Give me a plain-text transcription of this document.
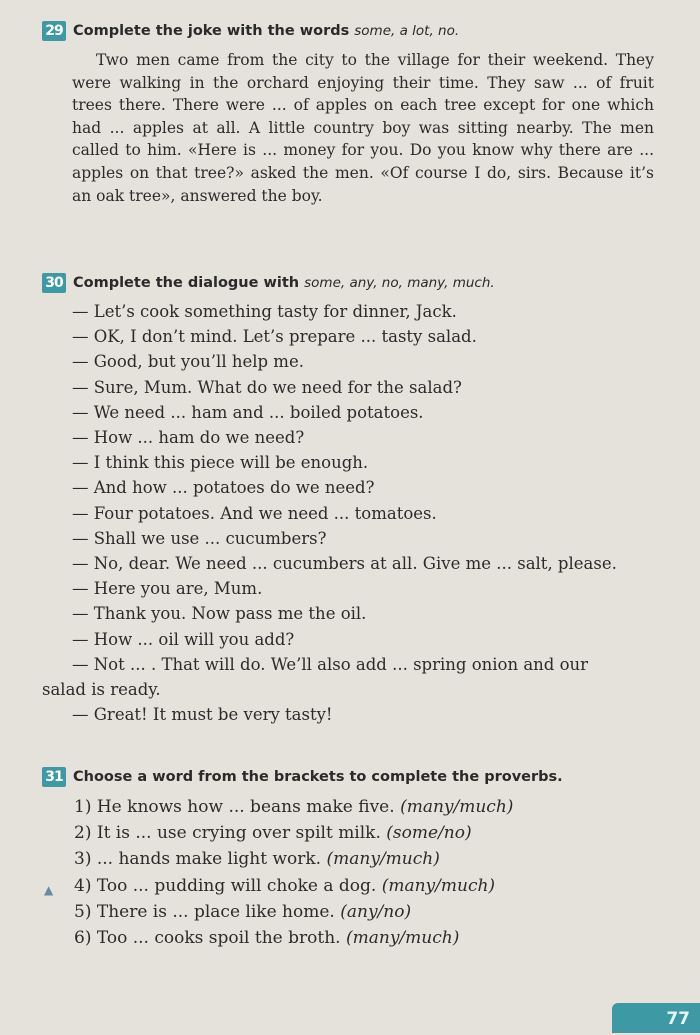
29 Complete the joke with the words some, a lot, no.
Two men came from the city to the village for their weekend. They were walking in the orchard enjoying their time. They saw ... of fruit trees there. There were ... of apples on each tree except for one which had ... apples at all. A little country boy was sitting nearby. The men called to him. «Here is ... money for you. Do you know why there are ... apples on that tree?» asked the men. «Of course I do, sirs. Because it’s an oak tree», answered the boy.
30 Complete the dialogue with some, any, no, many, much.
— Let’s cook something tasty for dinner, Jack.
— OK, I don’t mind. Let’s prepare ... tasty salad.
— Good, but you’ll help me.
— Sure, Mum. What do we need for the salad?
— We need ... ham and ... boiled potatoes.
— How ... ham do we need?
— I think this piece will be enough.
— And how ... potatoes do we need?
— Four potatoes. And we need ... tomatoes.
— Shall we use ... cucumbers?
— No, dear. We need ... cucumbers at all. Give me ... salt, please.
— Here you are, Mum.
— Thank you. Now pass me the oil.
— How ... oil will you add?
— Not ... . That will do. We’ll also add ... spring onion and our
salad is ready.
— Great! It must be very tasty!
31 Choose a word from the brackets to complete the proverbs.
1) He knows how ... beans make five. (many/much)
2) It is ... use crying over spilt milk. (some/no)
3) ... hands make light work. (many/much)
▲ 4) Too ... pudding will choke a dog. (many/much)
5) There is ... place like home. (any/no)
6) Too ... cooks spoil the broth. (many/much)
77
